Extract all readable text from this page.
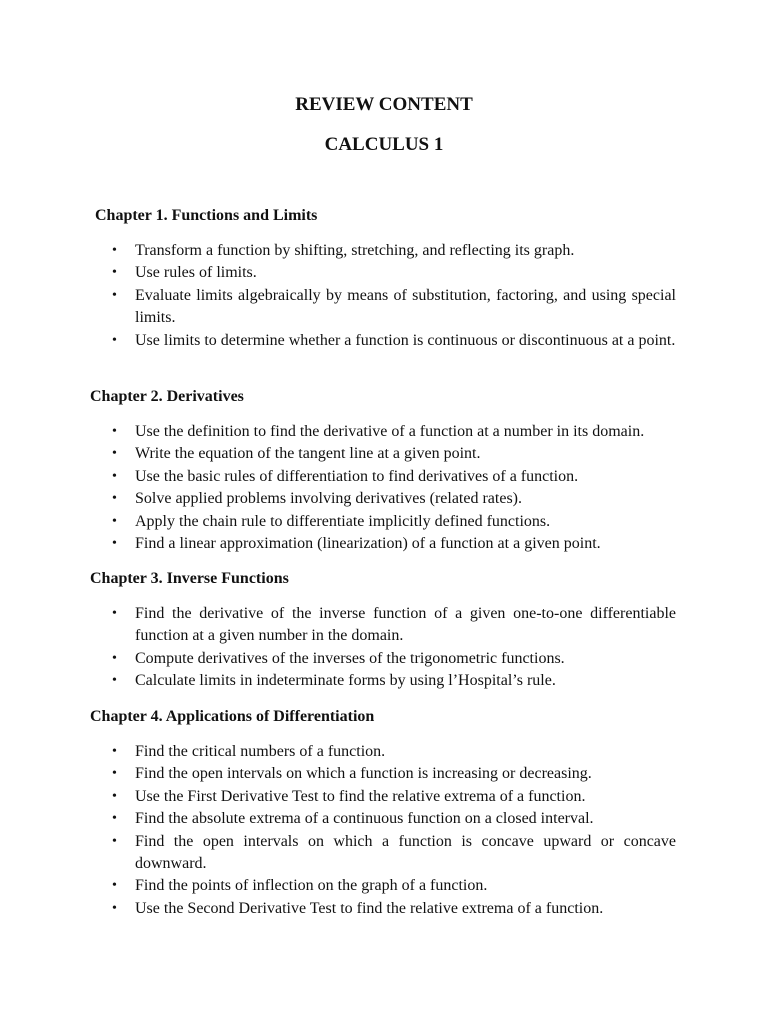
REVIEW CONTENT
CALCULUS 1
Chapter 1. Functions and Limits
• Transform a function by shifting, stretching, and reflecting its graph.
• Use rules of limits.
• Evaluate limits algebraically by means of substitution, factoring, and using special limits.
• Use limits to determine whether a function is continuous or discontinuous at a point.
Chapter 2. Derivatives
• Use the definition to find the derivative of a function at a number in its domain.
• Write the equation of the tangent line at a given point.
• Use the basic rules of differentiation to find derivatives of a function.
• Solve applied problems involving derivatives (related rates).
• Apply the chain rule to differentiate implicitly defined functions.
• Find a linear approximation (linearization) of a function at a given point.
Chapter 3. Inverse Functions
• Find the derivative of the inverse function of a given one-to-one differentiable function at a given number in the domain.
• Compute derivatives of the inverses of the trigonometric functions.
• Calculate limits in indeterminate forms by using l’Hospital’s rule.
Chapter 4. Applications of Differentiation
• Find the critical numbers of a function.
• Find the open intervals on which a function is increasing or decreasing.
• Use the First Derivative Test to find the relative extrema of a function.
• Find the absolute extrema of a continuous function on a closed interval.
• Find the open intervals on which a function is concave upward or concave downward.
• Find the points of inflection on the graph of a function.
• Use the Second Derivative Test to find the relative extrema of a function.
